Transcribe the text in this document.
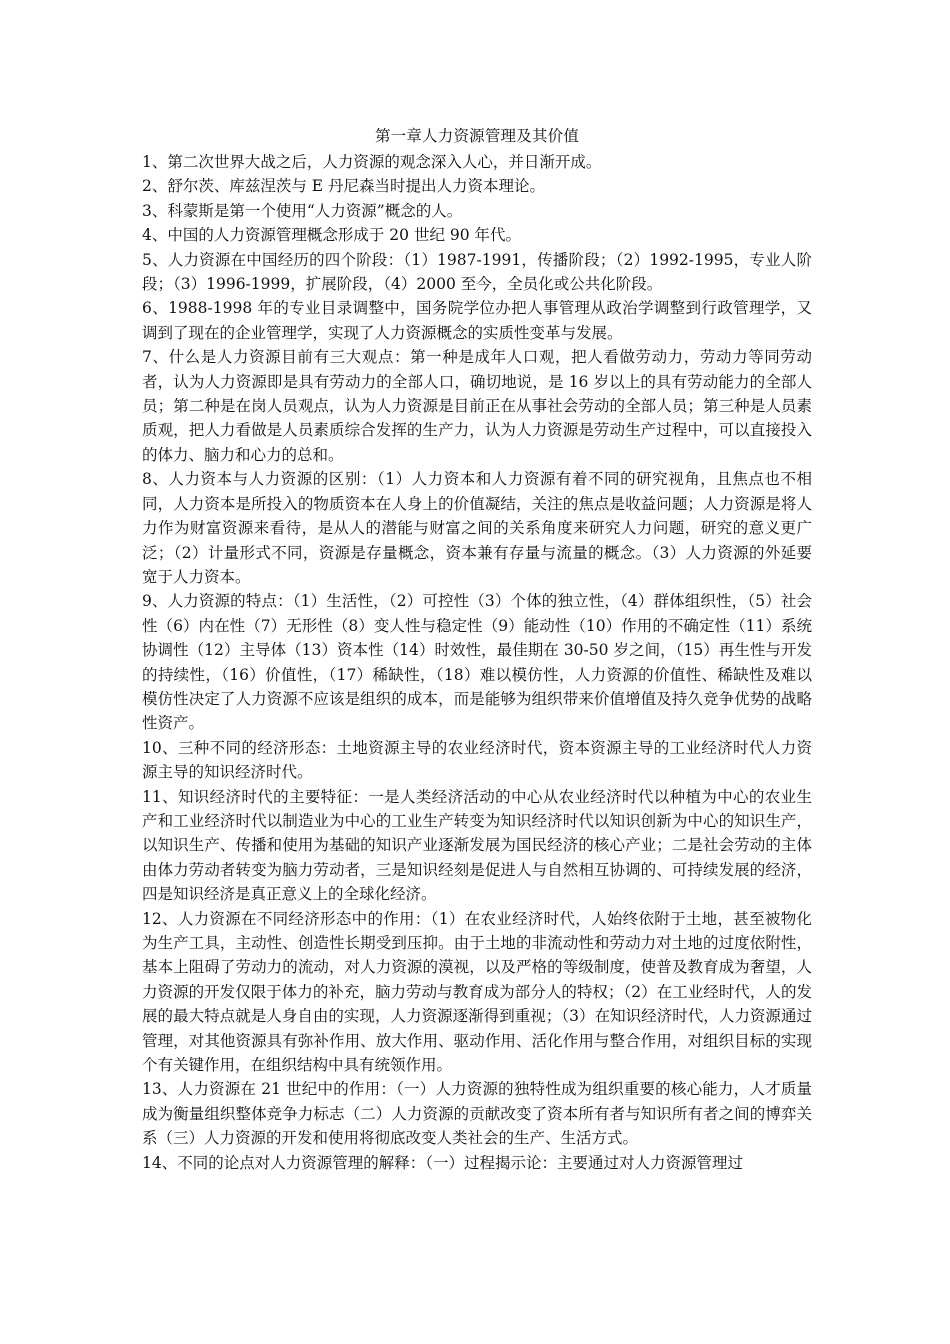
第一章人力资源管理及其价值

1、第二次世界大战之后，人力资源的观念深入人心，并日渐开成。

2、舒尔茨、库兹涅茨与 E 丹尼森当时提出人力资本理论。

3、科蒙斯是第一个使用“人力资源”概念的人。

4、中国的人力资源管理概念形成于 20 世纪 90 年代。

5、人力资源在中国经历的四个阶段：（1）1987-1991，传播阶段；（2）1992-1995，专业人阶段；（3）1996-1999，扩展阶段，（4）2000 至今，全员化或公共化阶段。

6、1988-1998 年的专业目录调整中，国务院学位办把人事管理从政治学调整到行政管理学，又调到了现在的企业管理学，实现了人力资源概念的实质性变革与发展。

7、什么是人力资源目前有三大观点：第一种是成年人口观，把人看做劳动力，劳动力等同劳动者，认为人力资源即是具有劳动力的全部人口，确切地说，是 16 岁以上的具有劳动能力的全部人员；第二种是在岗人员观点，认为人力资源是目前正在从事社会劳动的全部人员；第三种是人员素质观，把人力看做是人员素质综合发挥的生产力，认为人力资源是劳动生产过程中，可以直接投入的体力、脑力和心力的总和。

8、人力资本与人力资源的区别：（1）人力资本和人力资源有着不同的研究视角，且焦点也不相同，人力资本是所投入的物质资本在人身上的价值凝结，关注的焦点是收益问题；人力资源是将人力作为财富资源来看待，是从人的潜能与财富之间的关系角度来研究人力问题，研究的意义更广泛；（2）计量形式不同，资源是存量概念，资本兼有存量与流量的概念。（3）人力资源的外延要宽于人力资本。

9、人力资源的特点：（1）生活性，（2）可控性（3）个体的独立性，（4）群体组织性，（5）社会性（6）内在性（7）无形性（8）变人性与稳定性（9）能动性（10）作用的不确定性（11）系统协调性（12）主导体（13）资本性（14）时效性，最佳期在 30-50 岁之间，（15）再生性与开发的持续性，（16）价值性，（17）稀缺性，（18）难以模仿性，人力资源的价值性、稀缺性及难以模仿性决定了人力资源不应该是组织的成本，而是能够为组织带来价值增值及持久竞争优势的战略性资产。

10、三种不同的经济形态：土地资源主导的农业经济时代，资本资源主导的工业经济时代人力资源主导的知识经济时代。

11、知识经济时代的主要特征：一是人类经济活动的中心从农业经济时代以种植为中心的农业生产和工业经济时代以制造业为中心的工业生产转变为知识经济时代以知识创新为中心的知识生产，以知识生产、传播和使用为基础的知识产业逐渐发展为国民经济的核心产业；二是社会劳动的主体由体力劳动者转变为脑力劳动者，三是知识经刻是促进人与自然相互协调的、可持续发展的经济，四是知识经济是真正意义上的全球化经济。

12、人力资源在不同经济形态中的作用：（1）在农业经济时代，人始终依附于土地，甚至被物化为生产工具，主动性、创造性长期受到压抑。由于土地的非流动性和劳动力对土地的过度依附性，基本上阻碍了劳动力的流动，对人力资源的漠视，以及严格的等级制度，使普及教育成为奢望，人力资源的开发仅限于体力的补充，脑力劳动与教育成为部分人的特权；（2）在工业经时代，人的发展的最大特点就是人身自由的实现，人力资源逐渐得到重视；（3）在知识经济时代，人力资源通过管理，对其他资源具有弥补作用、放大作用、驱动作用、活化作用与整合作用，对组织目标的实现个有关键作用，在组织结构中具有统领作用。

13、人力资源在 21 世纪中的作用：（一）人力资源的独特性成为组织重要的核心能力，人才质量成为衡量组织整体竞争力标志（二）人力资源的贡献改变了资本所有者与知识所有者之间的博弈关系（三）人力资源的开发和使用将彻底改变人类社会的生产、生活方式。

14、不同的论点对人力资源管理的解释：（一）过程揭示论：主要通过对人力资源管理过
